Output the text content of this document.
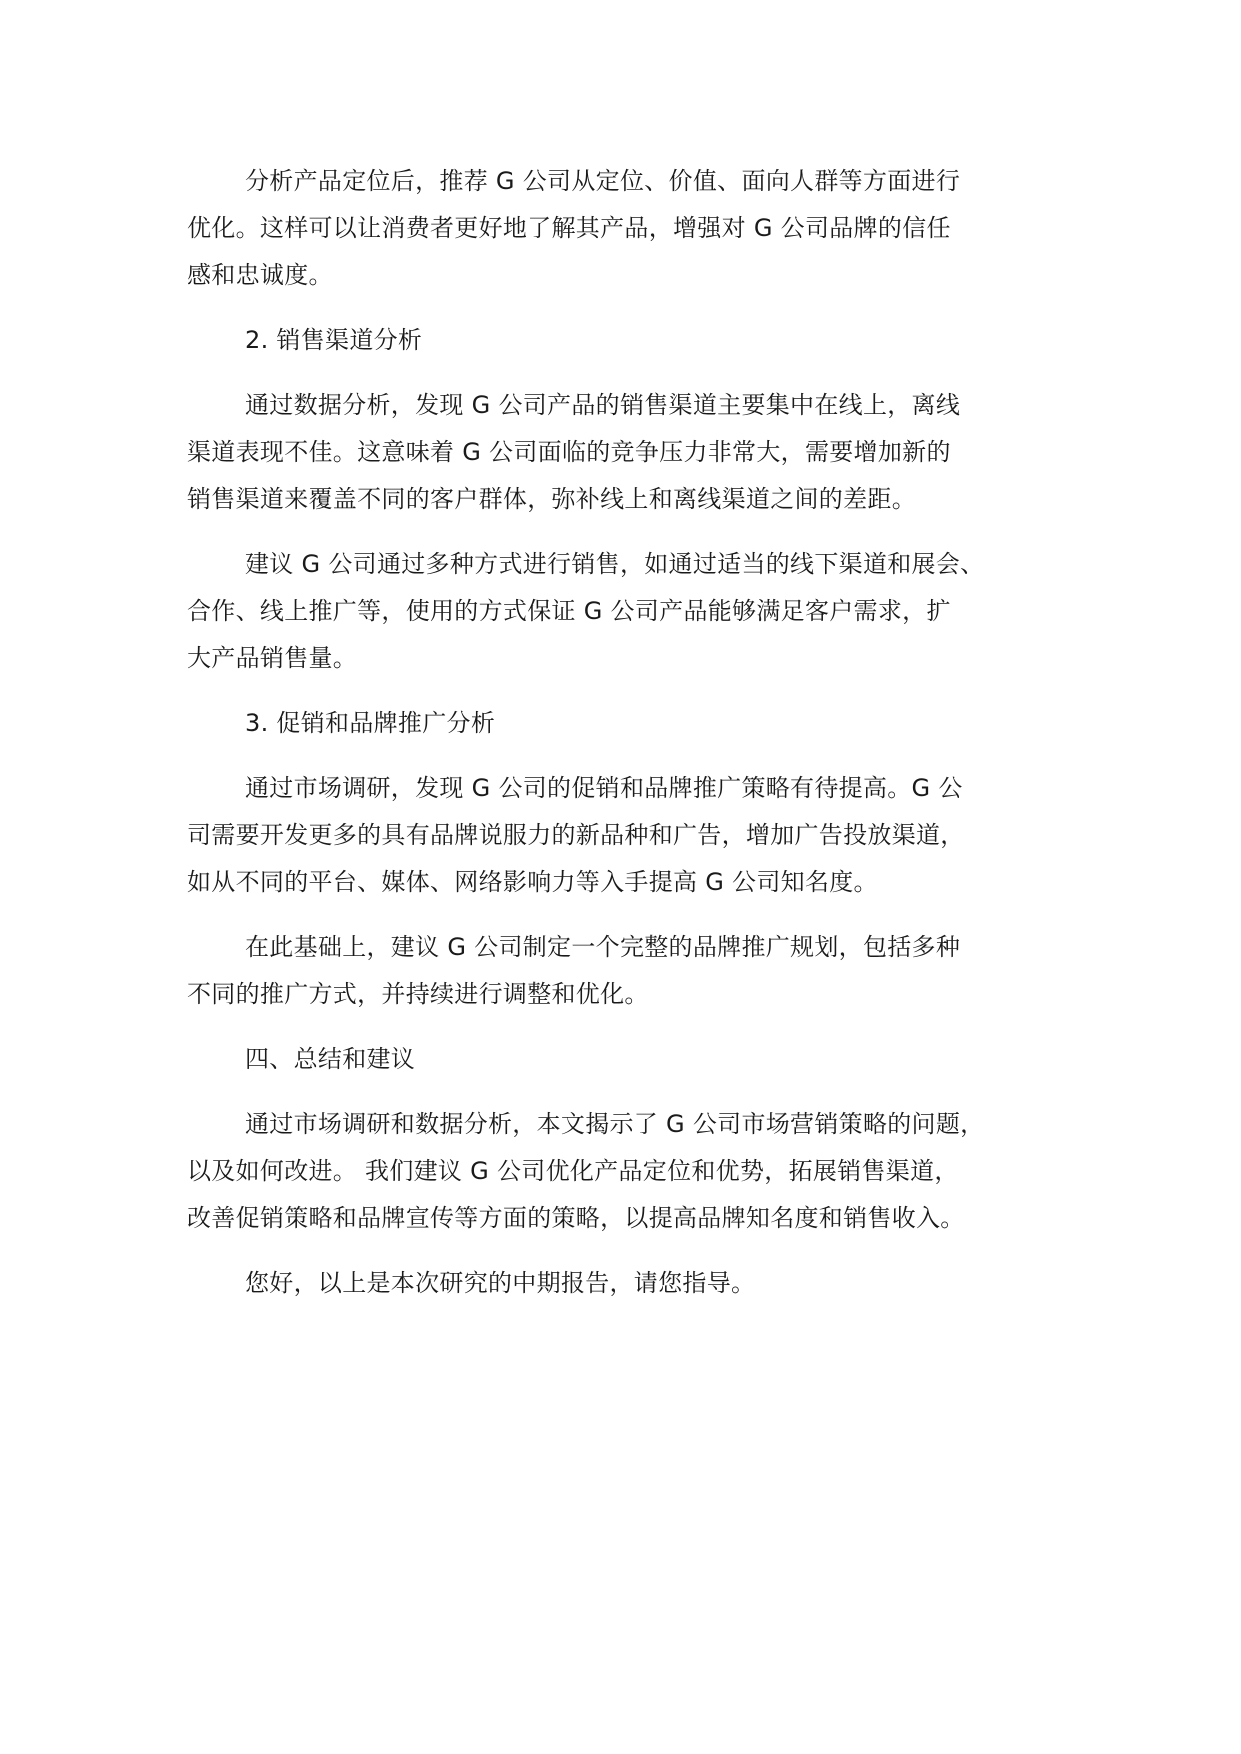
分析产品定位后，推荐 G 公司从定位、价值、面向人群等方面进行
优化。这样可以让消费者更好地了解其产品，增强对 G 公司品牌的信任
感和忠诚度。
2. 销售渠道分析
通过数据分析，发现 G 公司产品的销售渠道主要集中在线上，离线
渠道表现不佳。这意味着 G 公司面临的竞争压力非常大，需要增加新的
销售渠道来覆盖不同的客户群体，弥补线上和离线渠道之间的差距。
建议 G 公司通过多种方式进行销售，如通过适当的线下渠道和展会、
合作、线上推广等，使用的方式保证 G 公司产品能够满足客户需求，扩
大产品销售量。
3. 促销和品牌推广分析
通过市场调研，发现 G 公司的促销和品牌推广策略有待提高。G 公
司需要开发更多的具有品牌说服力的新品种和广告，增加广告投放渠道，
如从不同的平台、媒体、网络影响力等入手提高 G 公司知名度。
在此基础上，建议 G 公司制定一个完整的品牌推广规划，包括多种
不同的推广方式，并持续进行调整和优化。
四、总结和建议
通过市场调研和数据分析，本文揭示了 G 公司市场营销策略的问题，
以及如何改进。 我们建议 G 公司优化产品定位和优势，拓展销售渠道，
改善促销策略和品牌宣传等方面的策略，以提高品牌知名度和销售收入。
您好，以上是本次研究的中期报告，请您指导。
